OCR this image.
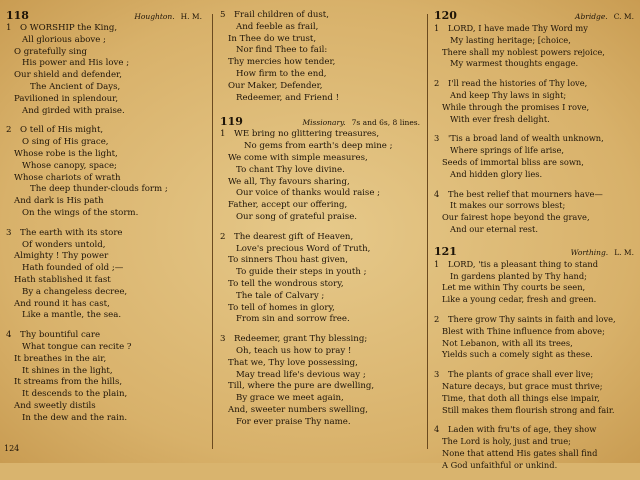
118	Houghton. H. M.
1 O WORSHIP the King,
All glorious above ;
O gratefully sing
His power and His love ;
Our shield and defender,
The Ancient of Days,
Pavilioned in splendour,
And girded with praise.
2 O tell of His might,
O sing of His grace,
Whose robe is the light,
Whose canopy, space;
Whose chariots of wrath
The deep thunder-clouds form ;
And dark is His path
On the wings of the storm.
3 The earth with its store
Of wonders untold,
Almighty ! Thy power
Hath founded of old ;—
Hath stablished it fast
By a changeless decree,
And round it has cast,
Like a mantle, the sea.
4 Thy bountiful care
What tongue can recite ?
It breathes in the air,
It shines in the light,
It streams from the hills,
It descends to the plain,
And sweetly distils
In the dew and the rain.
5 Frail children of dust,
And feeble as frail,
In Thee do we trust,
Nor find Thee to fail:
Thy mercies how tender,
How firm to the end,
Our Maker, Defender,
Redeemer, and Friend !
119	Missionary. 7s and 6s, 8 lines.
1 WE bring no glittering treasures,
No gems from earth's deep mine ;
We come with simple measures,
To chant Thy love divine.
We all, Thy favours sharing,
Our voice of thanks would raise ;
Father, accept our offering,
Our song of grateful praise.
2 The dearest gift of Heaven,
Love's precious Word of Truth,
To sinners Thou hast given,
To guide their steps in youth ;
To tell the wondrous story,
The tale of Calvary ;
To tell of homes in glory,
From sin and sorrow free.
3 Redeemer, grant Thy blessing;
Oh, teach us how to pray !
That we, Thy love possessing,
May tread life's devious way ;
Till, where the pure are dwelling,
By grace we meet again,
And, sweeter numbers swelling,
For ever praise Thy name.
120	Abridge. C. M.
1 LORD, I have made Thy Word my
My lasting heritage; [choice,
There shall my noblest powers rejoice,
My warmest thoughts engage.
2 I'll read the histories of Thy love,
And keep Thy laws in sight;
While through the promises I rove,
With ever fresh delight.
3 'Tis a broad land of wealth unknown,
Where springs of life arise,
Seeds of immortal bliss are sown,
And hidden glory lies.
4 The best relief that mourners have—
It makes our sorrows blest;
Our fairest hope beyond the grave,
And our eternal rest.
121	Worthing. L. M.
1 LORD, 'tis a pleasant thing to stand
In gardens planted by Thy hand;
Let me within Thy courts be seen,
Like a young cedar, fresh and green.
2 There grow Thy saints in faith and love,
Blest with Thine influence from above;
Not Lebanon, with all its trees,
Yields such a comely sight as these.
3 The plants of grace shall ever live;
Nature decays, but grace must thrive;
Time, that doth all things else impair,
Still makes them flourish strong and fair.
4 Laden with fru'ts of age, they show
The Lord is holy, just and true;
None that attend His gates shall find
A God unfaithful or unkind.
124
